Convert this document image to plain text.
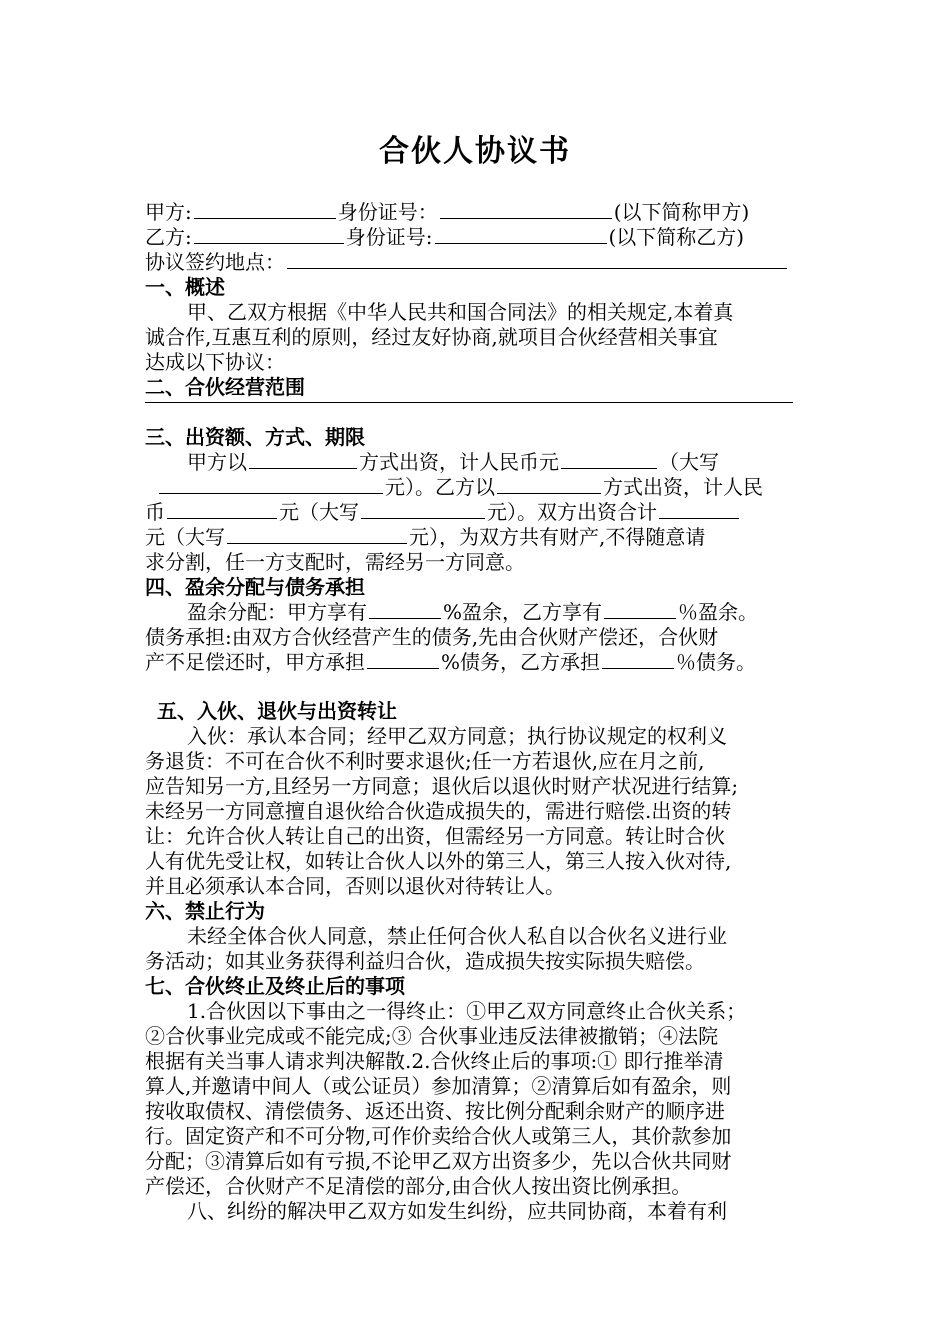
合伙人协议书
甲方:	身份证号：	(以下简称甲方)
乙方:	身份证号:	(以下简称乙方)
协议签约地点：
一、概述
甲、乙双方根据《中华人民共和国合同法》的相关规定,本着真
诚合作,互惠互利的原则，经过友好协商,就项目合伙经营相关事宜
达成以下协议：
二、合伙经营范围
三、出资额、方式、期限
甲方以	方式出资，计人民币元	（大写
元）。乙方以	方式出资，计人民
币	元（大写	元）。双方出资合计
元（大写	元），为双方共有财产,不得随意请
求分割，任一方支配时，需经另一方同意。
四、盈余分配与债务承担
盈余分配：甲方享有	%盈余，乙方享有	％盈余。
债务承担:由双方合伙经营产生的债务,先由合伙财产偿还，合伙财
产不足偿还时，甲方承担	%债务，乙方承担	％债务。
五、入伙、退伙与出资转让
入伙：承认本合同；经甲乙双方同意；执行协议规定的权利义
务退货：不可在合伙不利时要求退伙;任一方若退伙,应在月之前,
应告知另一方,且经另一方同意；退伙后以退伙时财产状况进行结算;
未经另一方同意擅自退伙给合伙造成损失的，需进行赔偿.出资的转
让：允许合伙人转让自己的出资，但需经另一方同意。转让时合伙
人有优先受让权，如转让合伙人以外的第三人，第三人按入伙对待,
并且必须承认本合同，否则以退伙对待转让人。
六、禁止行为
未经全体合伙人同意，禁止任何合伙人私自以合伙名义进行业
务活动；如其业务获得利益归合伙，造成损失按实际损失赔偿。
七、合伙终止及终止后的事项
1.合伙因以下事由之一得终止：①甲乙双方同意终止合伙关系；
②合伙事业完成或不能完成;③ 合伙事业违反法律被撤销；④法院
根据有关当事人请求判决解散.2.合伙终止后的事项:① 即行推举清
算人,并邀请中间人（或公证员）参加清算；②清算后如有盈余，则
按收取债权、清偿债务、返还出资、按比例分配剩余财产的顺序进
行。固定资产和不可分物,可作价卖给合伙人或第三人，其价款参加
分配；③清算后如有亏损,不论甲乙双方出资多少，先以合伙共同财
产偿还，合伙财产不足清偿的部分,由合伙人按出资比例承担。
八、纠纷的解决甲乙双方如发生纠纷，应共同协商，本着有利
